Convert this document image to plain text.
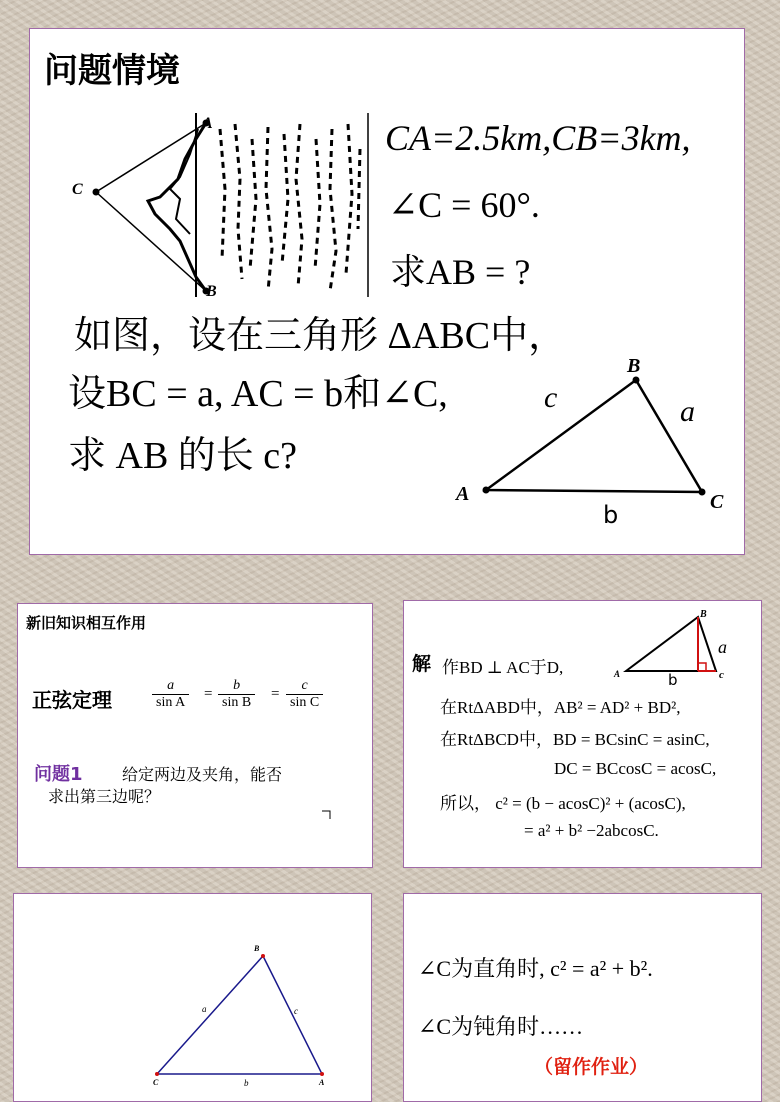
问题情境
C
A
B
CA=2.5km,CB=3km,
∠C = 60°.
求AB = ?
如图，设在三角形 ΔABC中，
设BC = a, AC = b和∠C,
求 AB 的长 c?
A
B
C
c	a
b
新旧知识相互作用
正弦定理	$\frac{a}{\text{sin A}} = \frac{b}{\text{sin B}} = \frac{c}{\text{sin C}}$
问题1 给定两边及夹角，能否
求出第三边呢？
解 作BD ⊥ AC于D,	A
B
c
a
b
在RtΔABD中，AB² = AD² + BD²,
在RtΔBCD中，BD = BCsinC = asinC,
DC = BCcosC = acosC,
所以， c² = (b − acosC)² + (acosC),
= a² + b² −2abcosC.
C
B
A
a	c
b
∠C为直角时, c² = a² + b².
∠C为钝角时……
（留作作业）
